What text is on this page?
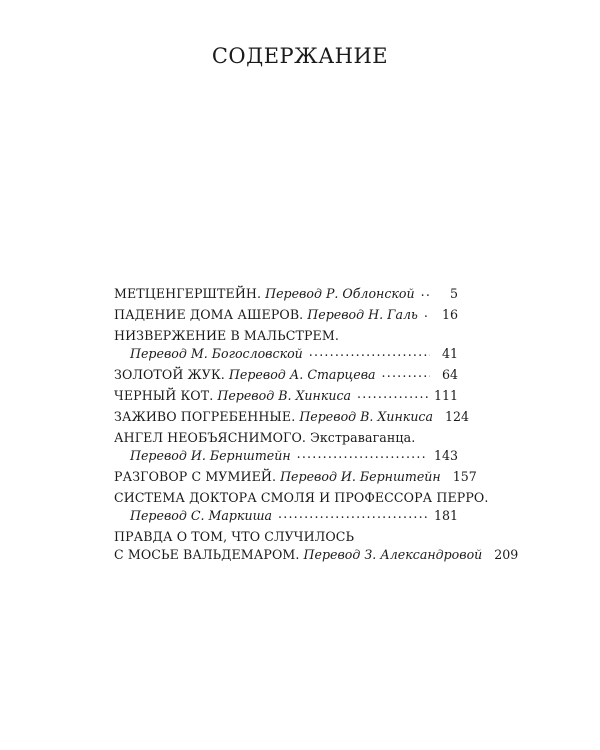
СОДЕРЖАНИЕ
МЕТЦЕНГЕРШТЕЙН. Перевод Р. Облонской . . .	5
ПАДЕНИЕ ДОМА АШЕРОВ. Перевод Н. Галь . . .	16
НИЗВЕРЖЕНИЕ В МАЛЬСТРЕМ.
Перевод М. Богословской . . .	41
ЗОЛОТОЙ ЖУК. Перевод А. Старцева . . .	64
ЧЕРНЫЙ КОТ. Перевод В. Хинкиса . . .	111
ЗАЖИВО ПОГРЕБЕННЫЕ. Перевод В. Хинкиса 124
АНГЕЛ НЕОБЪЯСНИМОГО. Экстраваганца.
Перевод И. Бернштейн . . .	143
РАЗГОВОР С МУМИЕЙ. Перевод И. Бернштейн 157
СИСТЕМА ДОКТОРА СМОЛЯ И ПРОФЕССОРА ПЕРРО.
Перевод С. Маркиша . . .	181
ПРАВДА О ТОМ, ЧТО СЛУЧИЛОСЬ
С МОСЬЕ ВАЛЬДЕМАРОМ. Перевод З. Александровой 209
